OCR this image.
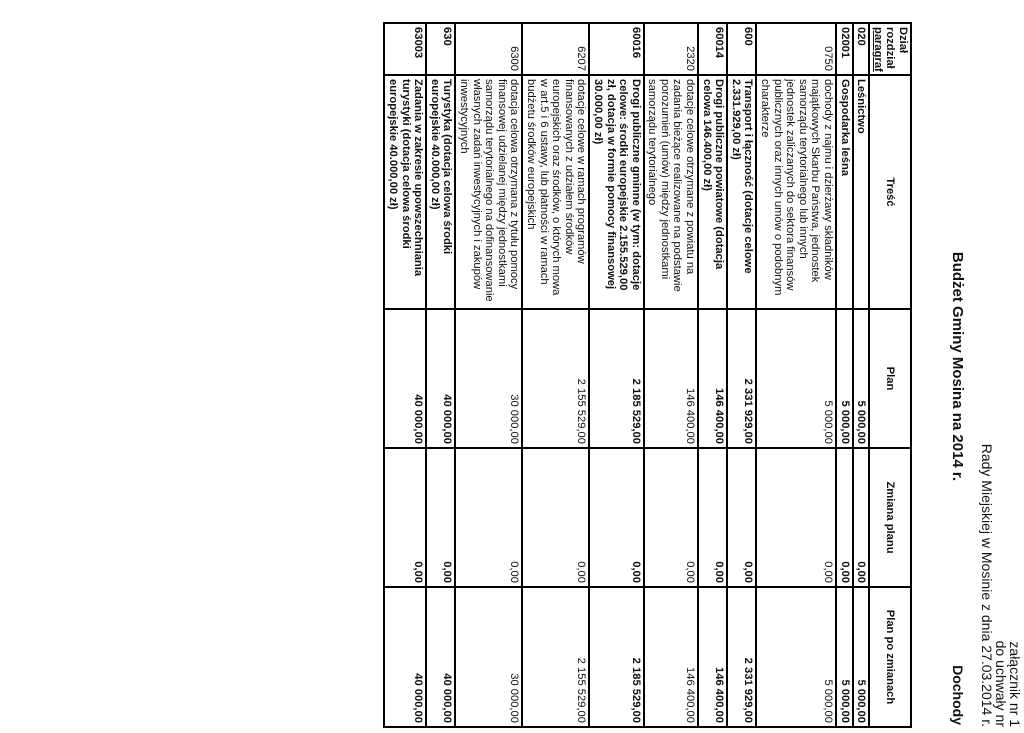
załącznik nr 1
do uchwały nr
Rady Miejskiej w Mosinie z dnia 27.03.2014 r.
Budżet Gminy Mosina na 2014 r.
Dochody
Dział
rozdział
paragraf	Treść	Plan	Zmiana planu	Plan po zmianach
020	Leśnictwo	5 000,00	0,00	5 000,00
02001	Gospodarka leśna	5 000,00	0,00	5 000,00
0750	dochody z najmu i dzierżawy składników majątkowych Skarbu Państwa, jednostek samorządu terytorialnego lub innych jednostek zaliczanych do sektora finansów publicznych oraz innych umów o podobnym charakterze	5 000,00	0,00	5 000,00
600	Transport i łączność (dotacje celowe 2.331.929,00 zł)	2 331 929,00	0,00	2 331 929,00
60014	Drogi publiczne powiatowe (dotacja celowa 146.400,00 zł)	146 400,00	0,00	146 400,00
2320	dotacje celowe otrzymane z powiatu na zadania bieżące realizowane na podstawie porozumień (umów) między jednostkami samorządu terytorialnego	146 400,00	0,00	146 400,00
60016	Drogi publiczne gminne (w tym: dotacje celowe: środki europejskie 2.155.529,00 zł, dotacja w formie pomocy finansowej 30.000,00 zł)	2 185 529,00	0,00	2 185 529,00
6207	dotacje celowe w ramach programów finansowanych z udziałem środków europejskich oraz środków, o których mowa w art.5 i 6 ustawy, lub płatności w ramach budżetu środków europejskich	2 155 529,00	0,00	2 155 529,00
6300	dotacja celowa otrzymana z tytułu pomocy finansowej udzielanej między jednostkami samorządu terytorialnego na dofinansowanie własnych zadań inwestycyjnych i zakupów inwestycyjnych	30 000,00	0,00	30 000,00
630	Turystyka (dotacja celowa środki europejskie 40.000,00 zł)	40 000,00	0,00	40 000,00
63003	Zadania w zakresie upowszechniania turystyki (dotacja celowa środki europejskie 40.000,00 zł)	40 000,00	0,00	40 000,00
